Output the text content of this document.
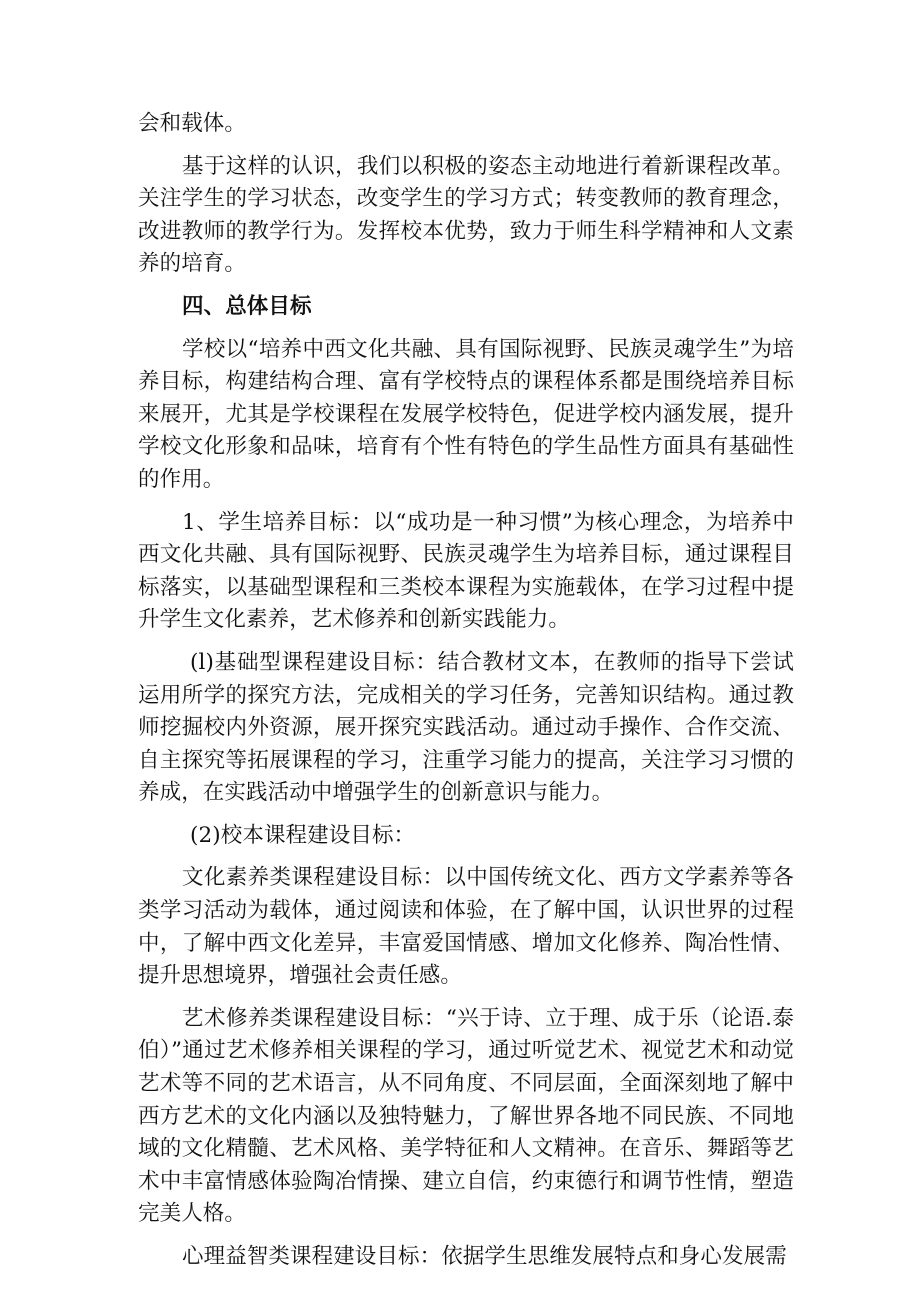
会和载体。

基于这样的认识，我们以积极的姿态主动地进行着新课程改革。关注学生的学习状态，改变学生的学习方式；转变教师的教育理念，改进教师的教学行为。发挥校本优势，致力于师生科学精神和人文素养的培育。

四、总体目标

学校以“培养中西文化共融、具有国际视野、民族灵魂学生”为培养目标，构建结构合理、富有学校特点的课程体系都是围绕培养目标来展开，尤其是学校课程在发展学校特色，促进学校内涵发展，提升学校文化形象和品味，培育有个性有特色的学生品性方面具有基础性的作用。

1、学生培养目标：以“成功是一种习惯”为核心理念，为培养中西文化共融、具有国际视野、民族灵魂学生为培养目标，通过课程目标落实，以基础型课程和三类校本课程为实施载体，在学习过程中提升学生文化素养，艺术修养和创新实践能力。

(l)基础型课程建设目标：结合教材文本，在教师的指导下尝试运用所学的探究方法，完成相关的学习任务，完善知识结构。通过教师挖掘校内外资源，展开探究实践活动。通过动手操作、合作交流、自主探究等拓展课程的学习，注重学习能力的提高，关注学习习惯的养成，在实践活动中增强学生的创新意识与能力。

(2)校本课程建设目标：

文化素养类课程建设目标：以中国传统文化、西方文学素养等各类学习活动为载体，通过阅读和体验，在了解中国，认识世界的过程中，了解中西文化差异，丰富爱国情感、增加文化修养、陶冶性情、提升思想境界，增强社会责任感。

艺术修养类课程建设目标：“兴于诗、立于理、成于乐（论语.泰伯）”通过艺术修养相关课程的学习，通过听觉艺术、视觉艺术和动觉艺术等不同的艺术语言，从不同角度、不同层面，全面深刻地了解中西方艺术的文化内涵以及独特魅力，了解世界各地不同民族、不同地域的文化精髓、艺术风格、美学特征和人文精神。在音乐、舞蹈等艺术中丰富情感体验陶冶情操、建立自信，约束德行和调节性情，塑造完美人格。

心理益智类课程建设目标：依据学生思维发展特点和身心发展需
